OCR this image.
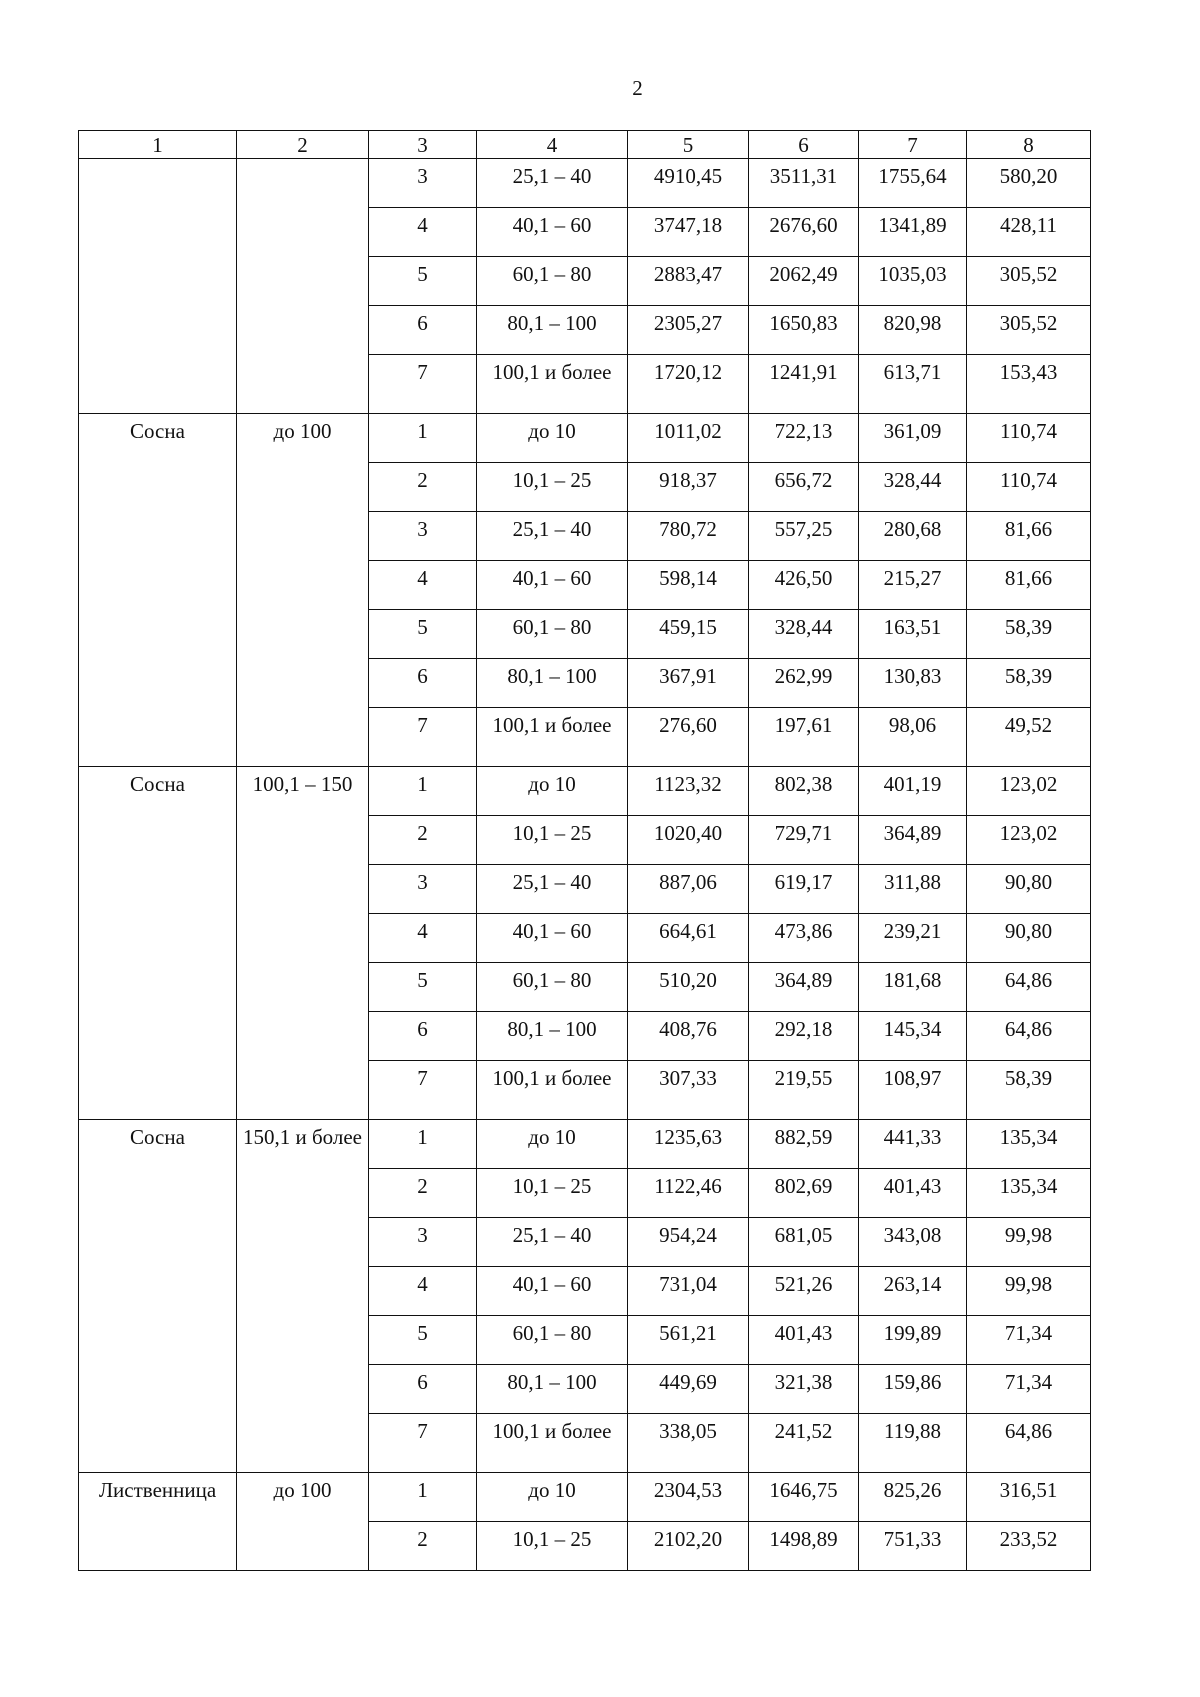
2
1	2	3	4	5	6	7	8
		3	25,1 – 40	4910,45	3511,31	1755,64	580,20
		4	40,1 – 60	3747,18	2676,60	1341,89	428,11
		5	60,1 – 80	2883,47	2062,49	1035,03	305,52
		6	80,1 – 100	2305,27	1650,83	820,98	305,52
		7	100,1 и более	1720,12	1241,91	613,71	153,43
Сосна	до 100	1	до 10	1011,02	722,13	361,09	110,74
		2	10,1 – 25	918,37	656,72	328,44	110,74
		3	25,1 – 40	780,72	557,25	280,68	81,66
		4	40,1 – 60	598,14	426,50	215,27	81,66
		5	60,1 – 80	459,15	328,44	163,51	58,39
		6	80,1 – 100	367,91	262,99	130,83	58,39
		7	100,1 и более	276,60	197,61	98,06	49,52
Сосна	100,1 – 150	1	до 10	1123,32	802,38	401,19	123,02
		2	10,1 – 25	1020,40	729,71	364,89	123,02
		3	25,1 – 40	887,06	619,17	311,88	90,80
		4	40,1 – 60	664,61	473,86	239,21	90,80
		5	60,1 – 80	510,20	364,89	181,68	64,86
		6	80,1 – 100	408,76	292,18	145,34	64,86
		7	100,1 и более	307,33	219,55	108,97	58,39
Сосна	150,1 и более	1	до 10	1235,63	882,59	441,33	135,34
		2	10,1 – 25	1122,46	802,69	401,43	135,34
		3	25,1 – 40	954,24	681,05	343,08	99,98
		4	40,1 – 60	731,04	521,26	263,14	99,98
		5	60,1 – 80	561,21	401,43	199,89	71,34
		6	80,1 – 100	449,69	321,38	159,86	71,34
		7	100,1 и более	338,05	241,52	119,88	64,86
Лиственница	до 100	1	до 10	2304,53	1646,75	825,26	316,51
		2	10,1 – 25	2102,20	1498,89	751,33	233,52
